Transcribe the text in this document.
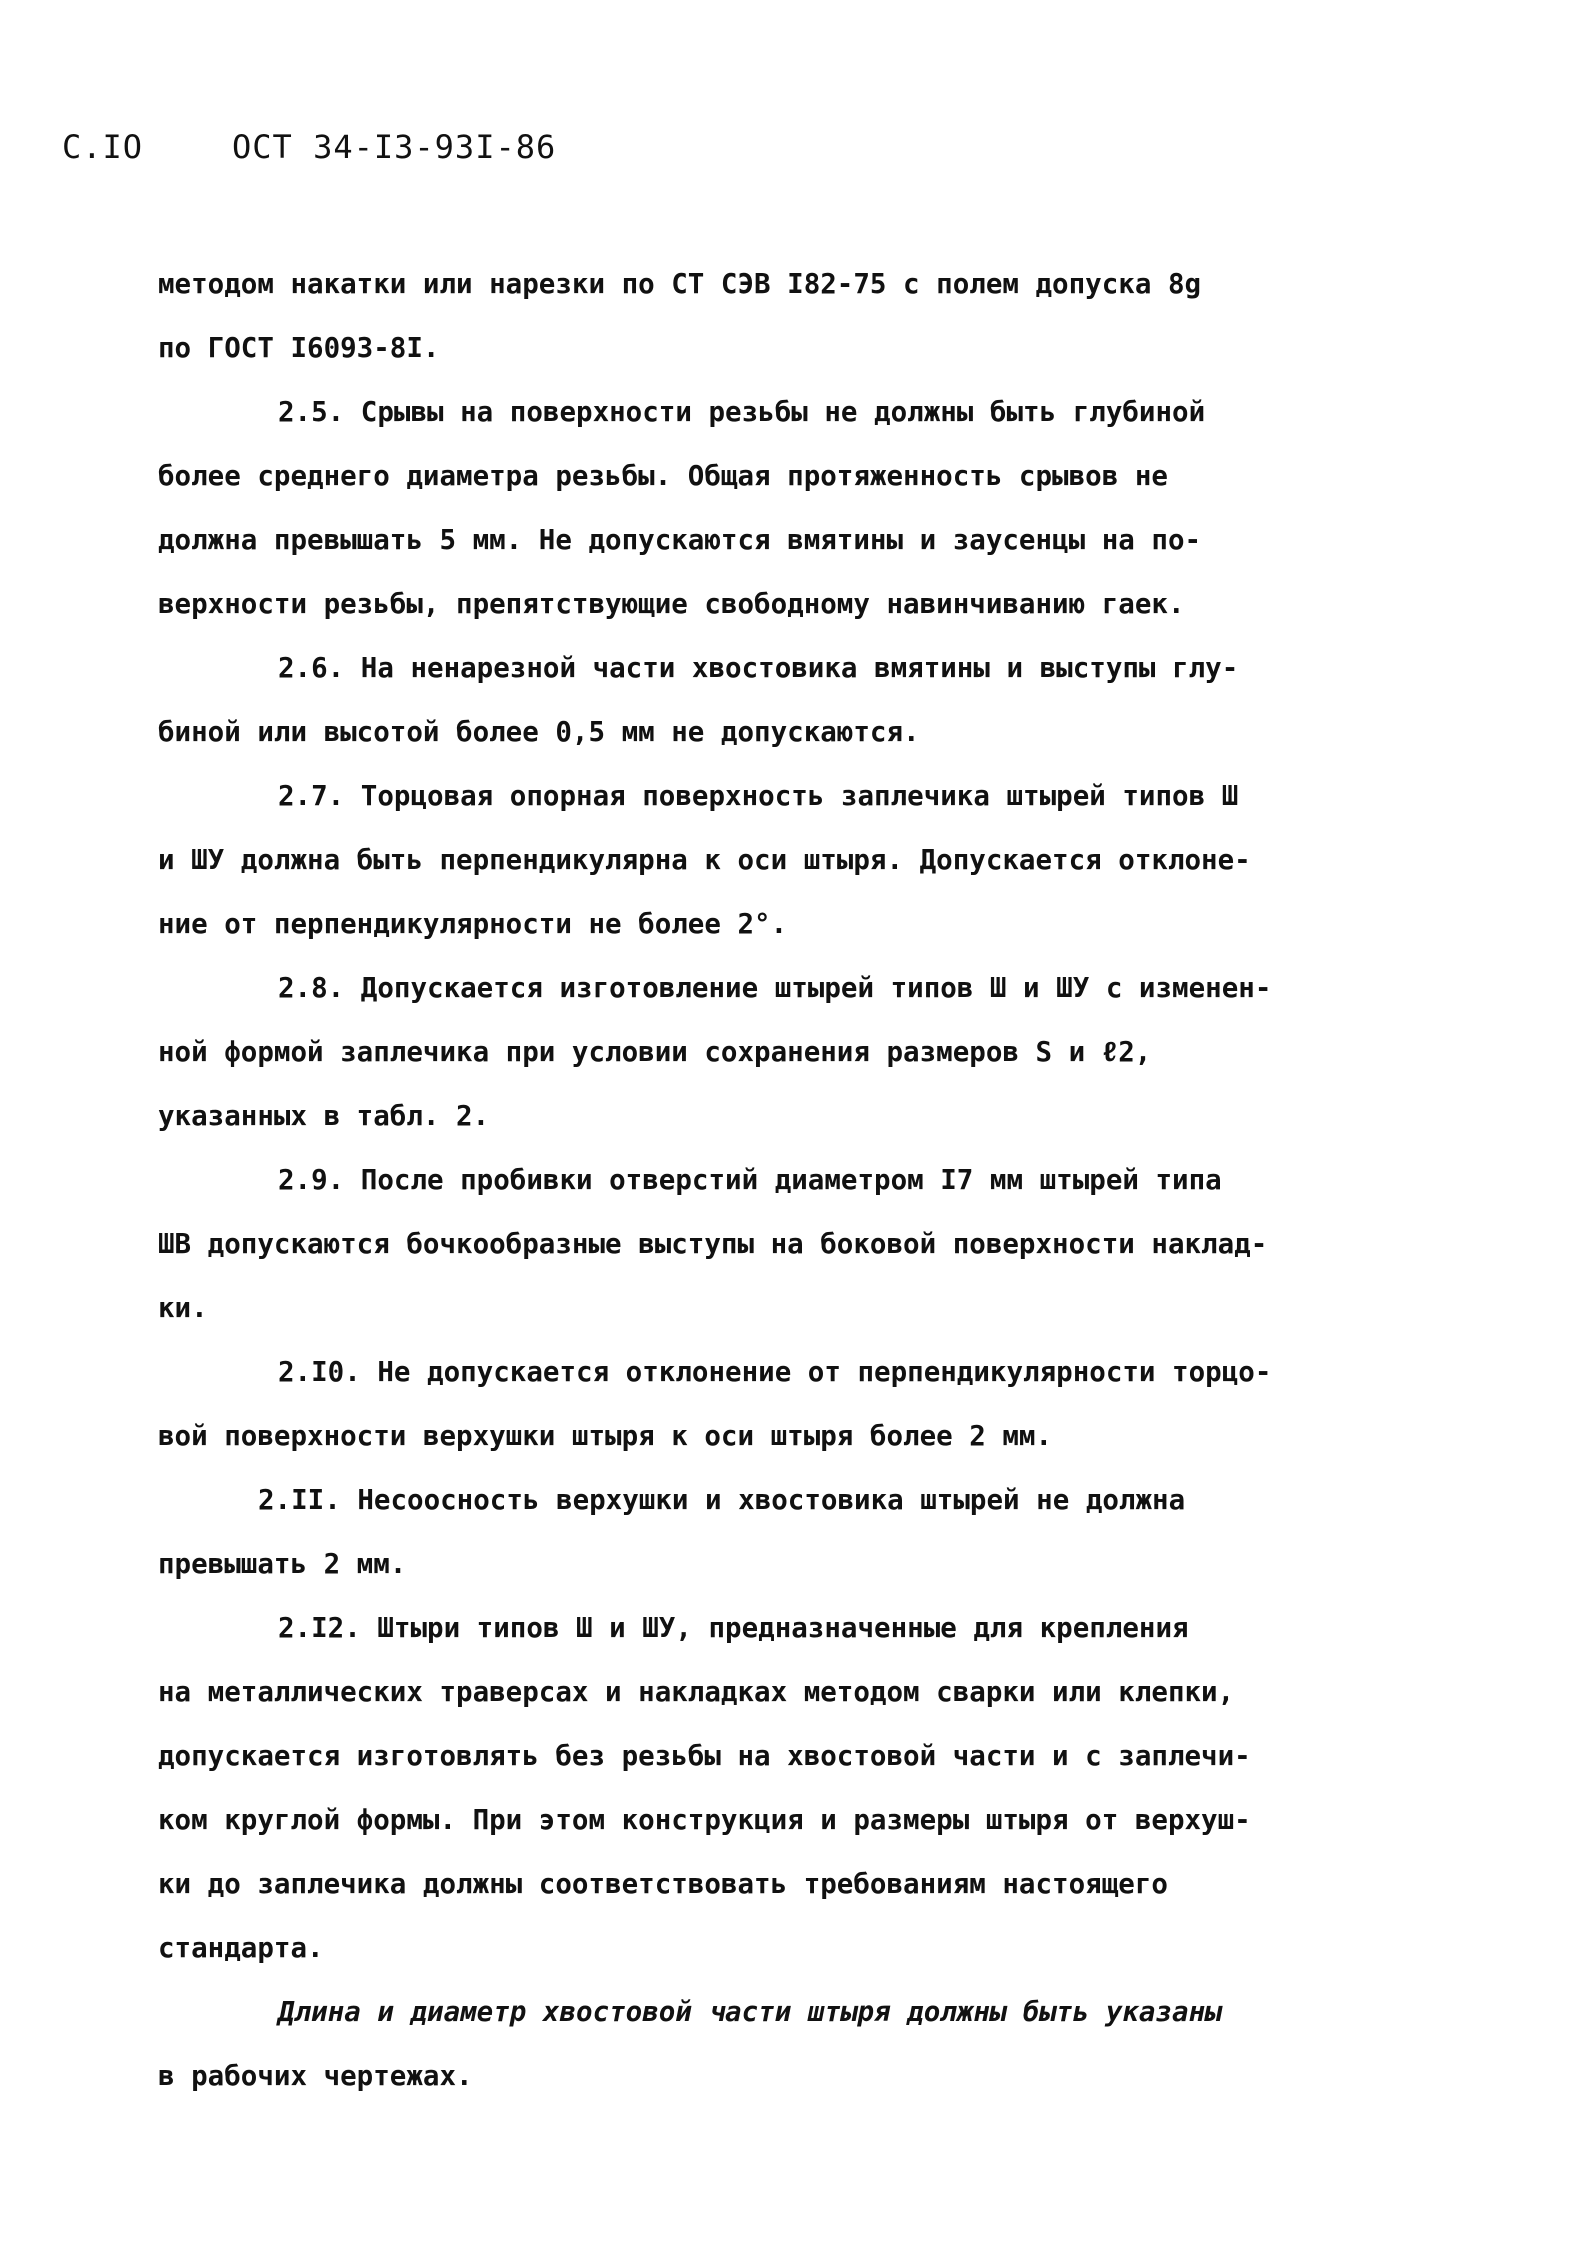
С.IO	ОСТ 34-I3-93I-86
методом накатки или нарезки по СТ СЭВ I82-75 с полем допуска 8g
по ГОСТ I6093-8I.
2.5. Срывы на поверхности резьбы не должны быть глубиной
более среднего диаметра резьбы. Общая протяженность срывов не
должна превышать 5 мм. Не допускаются вмятины и заусенцы на по-
верхности резьбы, препятствующие свободному навинчиванию гаек.
2.6. На ненарезной части хвостовика вмятины и выступы глу-
биной или высотой более 0,5 мм не допускаются.
2.7. Торцовая опорная поверхность заплечика штырей типов Ш
и ШУ должна быть перпендикулярна к оси штыря. Допускается отклоне-
ние от перпендикулярности не более 2°.
2.8. Допускается изготовление штырей типов Ш и ШУ с изменен-
ной формой заплечика при условии сохранения размеров S и ℓ2,
указанных в табл. 2.
2.9. После пробивки отверстий диаметром I7 мм штырей типа
ШВ допускаются бочкообразные выступы на боковой поверхности наклад-
ки.
2.I0. Не допускается отклонение от перпендикулярности торцо-
вой поверхности верхушки штыря к оси штыря более 2 мм.
2.II. Несоосность верхушки и хвостовика штырей не должна
превышать 2 мм.
2.I2. Штыри типов Ш и ШУ, предназначенные для крепления
на металлических траверсах и накладках методом сварки или клепки,
допускается изготовлять без резьбы на хвостовой части и с заплечи-
ком круглой формы. При этом конструкция и размеры штыря от верхуш-
ки до заплечика должны соответствовать требованиям настоящего
стандарта.
Длина и диаметр хвостовой части штыря должны быть указаны
в рабочих чертежах.
